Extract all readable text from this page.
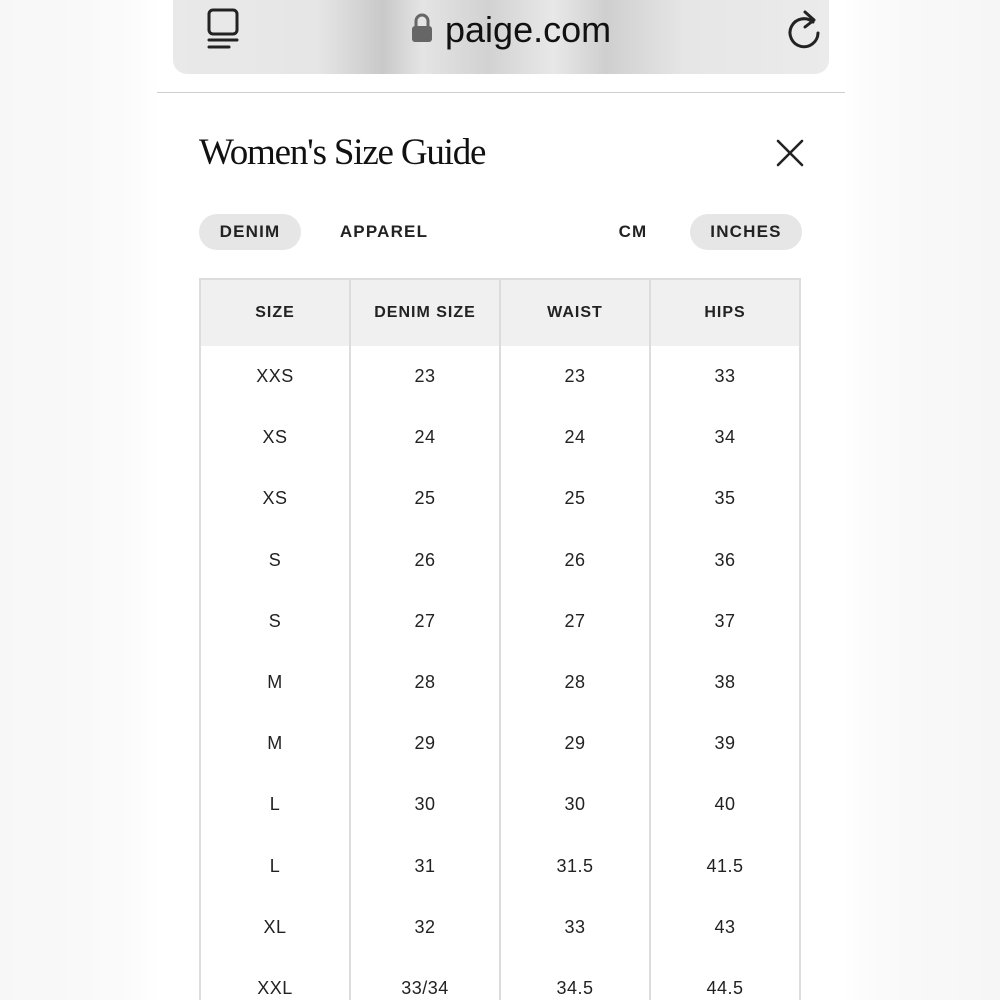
paige.com
Women's Size Guide
DENIM	APPAREL	CM	INCHES
SIZE	DENIM SIZE	WAIST	HIPS
XXS	23	23	33
XS	24	24	34
XS	25	25	35
S	26	26	36
S	27	27	37
M	28	28	38
M	29	29	39
L	30	30	40
L	31	31.5	41.5
XL	32	33	43
XXL	33/34	34.5	44.5
